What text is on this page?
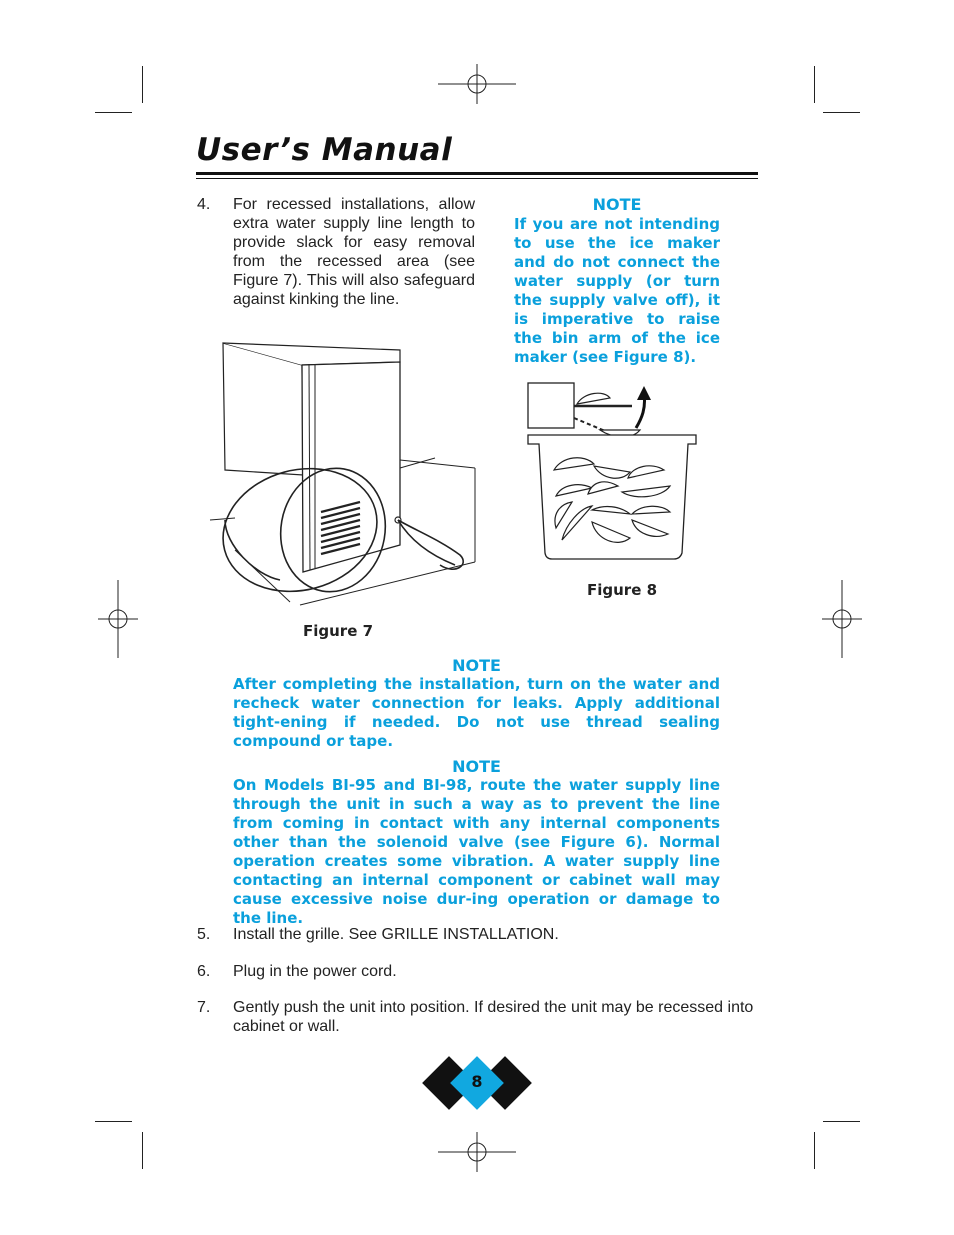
User’s Manual
4. For recessed installations, allow extra water supply line length to provide slack for easy removal from the recessed area (see Figure 7). This will also safeguard against kinking the line.
NOTE
If you are not intending to use the ice maker and do not connect the water supply (or turn the supply valve off), it is imperative to raise the bin arm of the ice maker (see Figure 8).
Figure 7
Figure 8
NOTE
After completing the installation, turn on the water and recheck water connection for leaks. Apply additional tight-ening if needed. Do not use thread sealing compound or tape.
NOTE
On Models BI-95 and BI-98, route the water supply line through the unit in such a way as to prevent the line from coming in contact with any internal components other than the solenoid valve (see Figure 6). Normal operation creates some vibration. A water supply line contacting an internal component or cabinet wall may cause excessive noise dur-ing operation or damage to the line.
5. Install the grille. See GRILLE INSTALLATION.
6. Plug in the power cord.
7. Gently push the unit into position. If desired the unit may be recessed into cabinet or wall.
8
